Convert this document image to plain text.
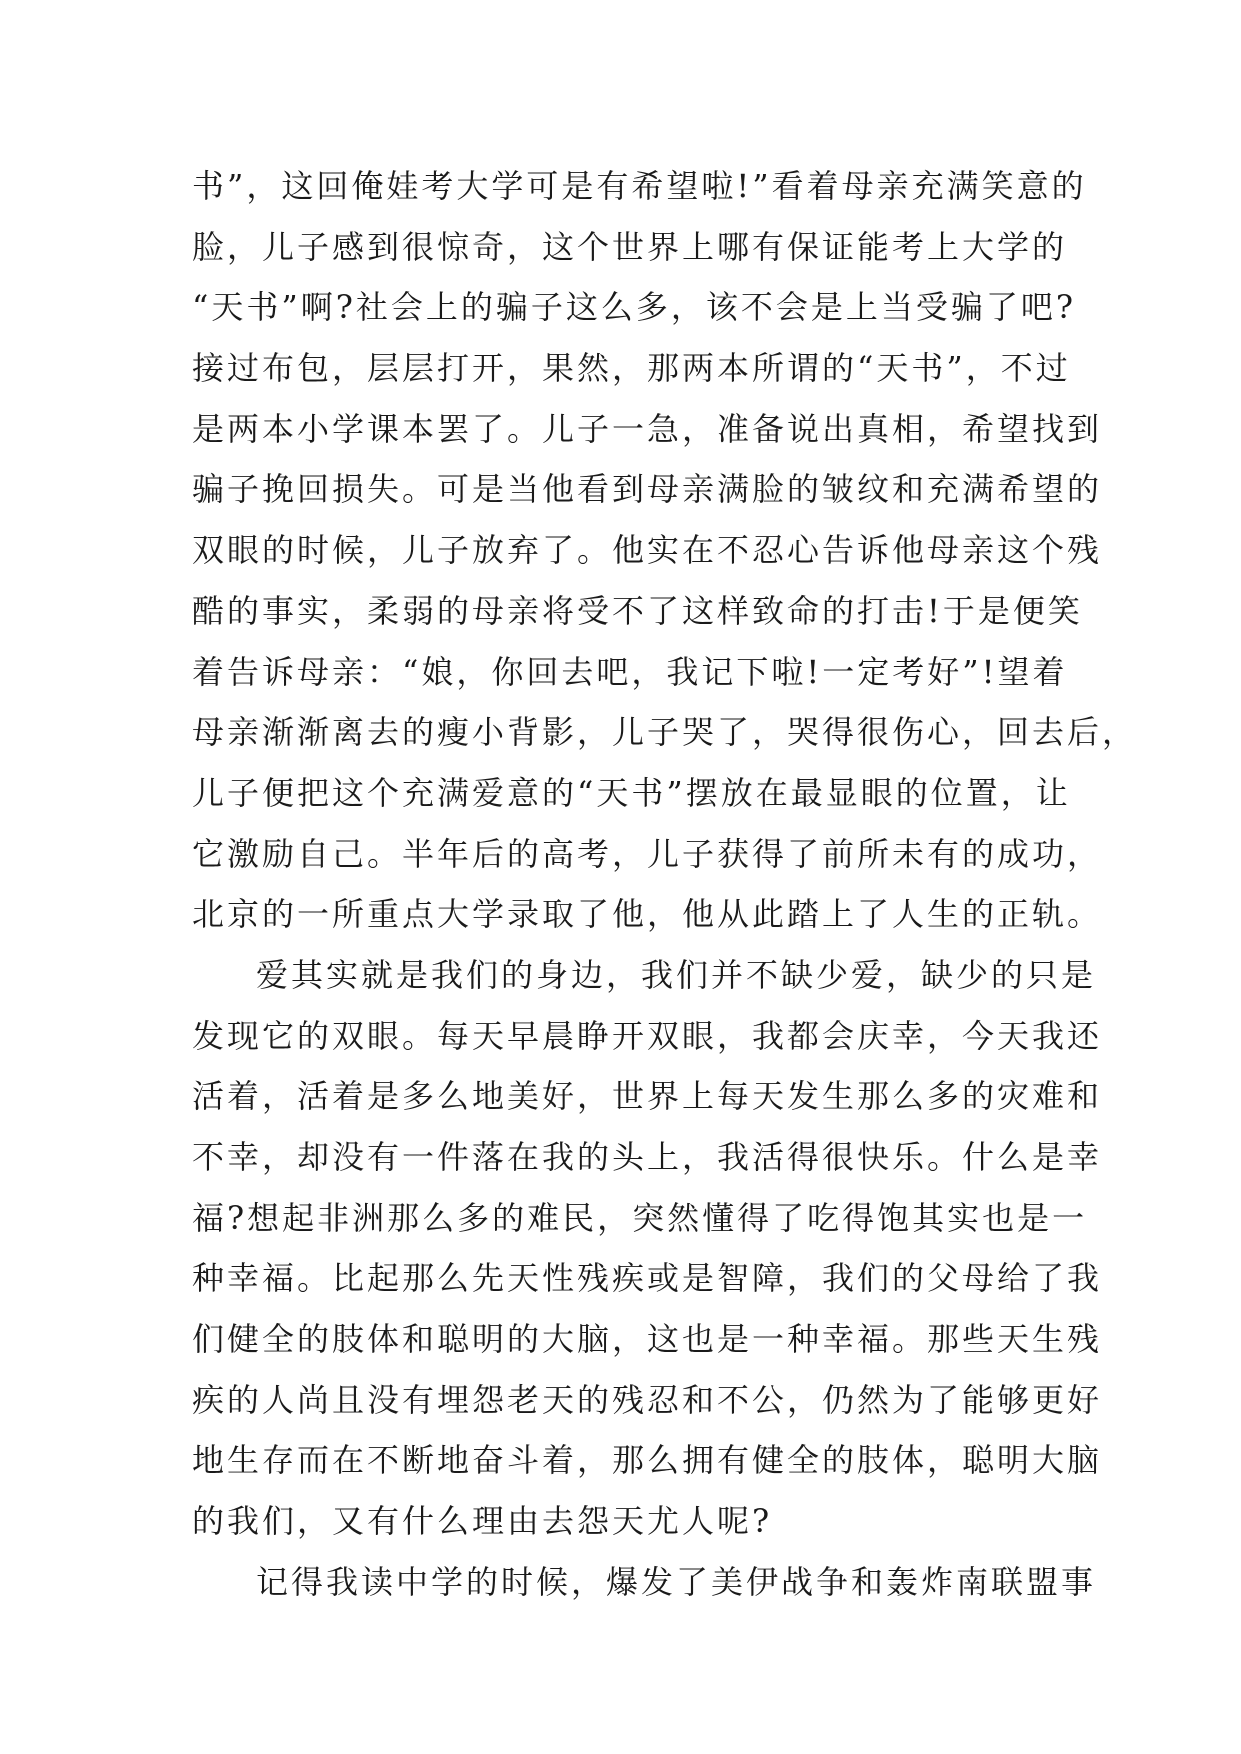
书”，这回俺娃考大学可是有希望啦!”看着母亲充满笑意的
脸，儿子感到很惊奇，这个世界上哪有保证能考上大学的
“天书”啊?社会上的骗子这么多，该不会是上当受骗了吧?
接过布包，层层打开，果然，那两本所谓的“天书”，不过
是两本小学课本罢了。儿子一急，准备说出真相，希望找到
骗子挽回损失。可是当他看到母亲满脸的皱纹和充满希望的
双眼的时候，儿子放弃了。他实在不忍心告诉他母亲这个残
酷的事实，柔弱的母亲将受不了这样致命的打击!于是便笑
着告诉母亲：“娘，你回去吧，我记下啦!一定考好”!望着
母亲渐渐离去的瘦小背影，儿子哭了，哭得很伤心，回去后，
儿子便把这个充满爱意的“天书”摆放在最显眼的位置，让
它激励自己。半年后的高考，儿子获得了前所未有的成功，
北京的一所重点大学录取了他，他从此踏上了人生的正轨。
爱其实就是我们的身边，我们并不缺少爱，缺少的只是
发现它的双眼。每天早晨睁开双眼，我都会庆幸，今天我还
活着，活着是多么地美好，世界上每天发生那么多的灾难和
不幸，却没有一件落在我的头上，我活得很快乐。什么是幸
福?想起非洲那么多的难民，突然懂得了吃得饱其实也是一
种幸福。比起那么先天性残疾或是智障，我们的父母给了我
们健全的肢体和聪明的大脑，这也是一种幸福。那些天生残
疾的人尚且没有埋怨老天的残忍和不公，仍然为了能够更好
地生存而在不断地奋斗着，那么拥有健全的肢体，聪明大脑
的我们，又有什么理由去怨天尤人呢?
记得我读中学的时候，爆发了美伊战争和轰炸南联盟事
